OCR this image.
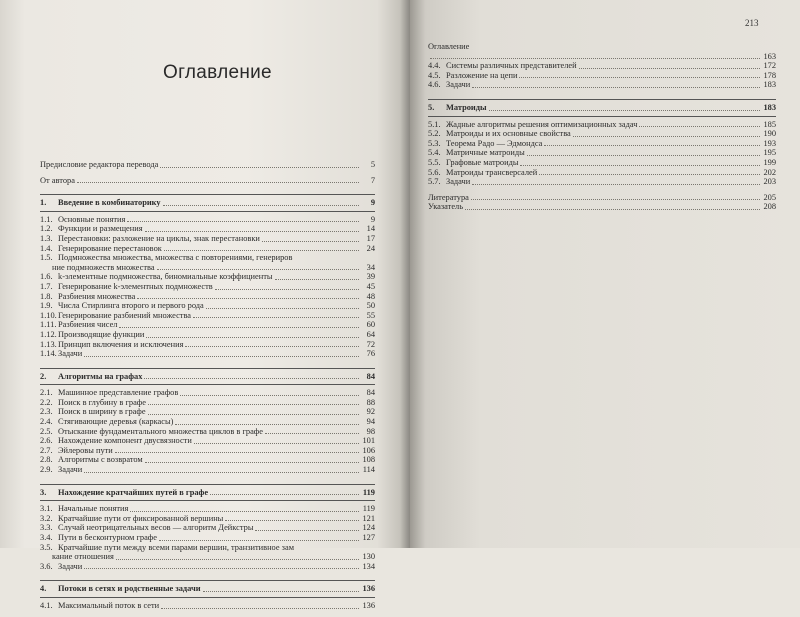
Оглавление
Предисловие редактора перевода	5
От автора	7
1. Введение в комбинаторику	9
1.1. Основные понятия	9
1.2. Функции и размещения	14
1.3. Перестановки: разложение на циклы, знак перестановки	17
1.4. Генерирование перестановок	24
1.5. Подмножества множества, множества с повторениями, генериров
ние подмножеств множества	34
1.6. k-элементные подмножества, биномиальные коэффициенты	39
1.7. Генерирование k-элементных подмножеств	45
1.8. Разбиения множества	48
1.9. Числа Стирлинга второго и первого рода	50
1.10.Генерирование разбиений множества	55
1.11. Разбиения чисел	60
1.12.Производящие функции	64
1.13.Принцип включения и исключения	72
1.14.Задачи	76
2. Алгоритмы на графах	84
2.1. Машинное представление графов	84
2.2. Поиск в глубину в графе	88
2.3. Поиск в ширину в графе	92
2.4. Стягивающие деревья (каркасы)	94
2.5. Отыскание фундаментального множества циклов в графе	98
2.6. Нахождение компонент двусвязности	101
2.7. Эйлеровы пути	106
2.8. Алгоритмы с возвратом	108
2.9. Задачи	114
3. Нахождение кратчайших путей в графе	119
3.1. Начальные понятия	119
3.2. Кратчайшие пути от фиксированной вершины	121
3.3. Случай неотрицательных весов — алгоритм Дейкстры	124
3.4. Пути в бесконтурном графе	127
3.5. Кратчайшие пути между всеми парами вершин, транзитивное зам
кание отношения	130
3.6. Задачи	134
4. Потоки в сетях и родственные задачи	136
4.1. Максимальный поток в сети	136
213
Оглавление
163
4.4. Системы различных представителей	172
4.5. Разложение на цепи	178
4.6. Задачи	183
5. Матроиды	183
5.1. Жадные алгоритмы решения оптимизационных задач	185
5.2. Матроиды и их основные свойства	190
5.3. Теорема Радо — Эдмондса	193
5.4. Матричные матроиды	195
5.5. Графовые матроиды	199
5.6. Матроиды трансверсалей	202
5.7. Задачи	203
Литература	205
Указатель	208
